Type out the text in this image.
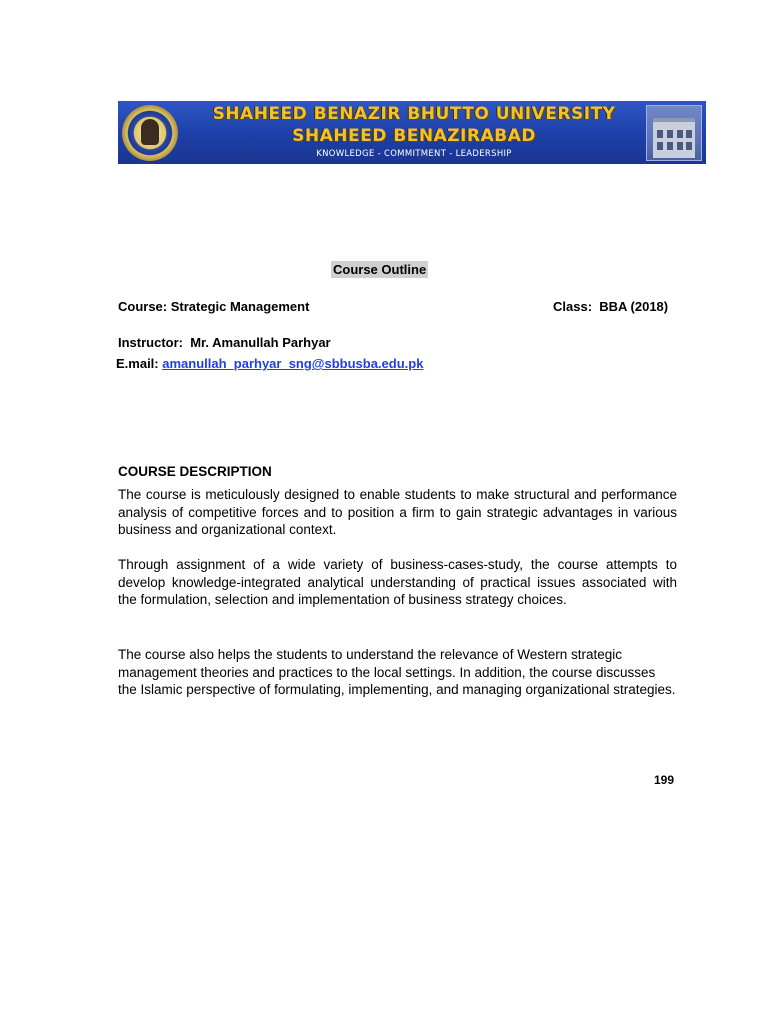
SHAHEED BENAZIR BHUTTO UNIVERSITY
SHAHEED BENAZIRABAD
KNOWLEDGE - COMMITMENT - LEADERSHIP
Course Outline
Course: Strategic Management	Class:  BBA (2018)
Instructor:  Mr. Amanullah Parhyar
E.mail: amanullah_parhyar_sng@sbbusba.edu.pk
COURSE DESCRIPTION

The course is meticulously designed to enable students to make structural and performance analysis of competitive forces and to position a firm to gain strategic advantages in various business and organizational context.

Through assignment of a wide variety of business-cases-study, the course attempts to develop knowledge-integrated analytical understanding of practical issues associated with the formulation, selection and implementation of business strategy choices.

The course also helps the students to understand the relevance of Western strategic management theories and practices to the local settings. In addition, the course discusses the Islamic perspective of formulating, implementing, and managing organizational strategies.

199
